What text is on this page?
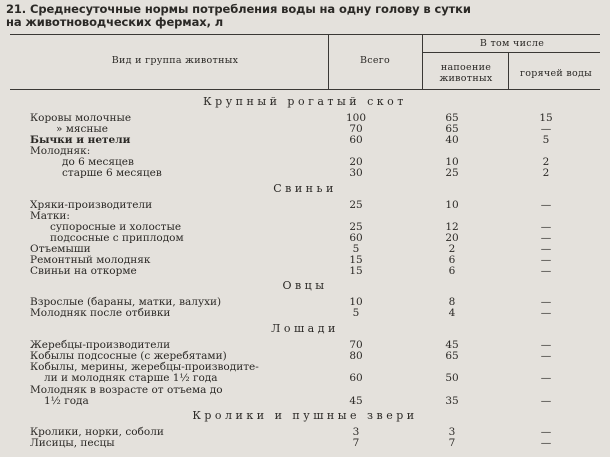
21. Среднесуточные нормы потребления воды на одну голову в сутки
на животноводческих фермах, л
Вид и группа животных	Всего
В том числе
напоение
животных	горячей воды
Крупный рогатый скот
Коровы молочные	100	65	15
» мясные	70	65	—
Бычки и нетели	60	40	5
Молодняк:
до 6 месяцев	20	10	2
старше 6 месяцев	30	25	2
Свиньи
Хряки-производители	25	10	—
Матки:
супоросные и холостые	25	12	—
подсосные с приплодом	60	20	—
Отъемыши	5	2	—
Ремонтный молодняк	15	6	—
Свиньи на откорме	15	6	—
Овцы
Взрослые (бараны, матки, валухи)	10	8	—
Молодняк после отбивки	5	4	—
Лошади
Жеребцы-производители	70	45	—
Кобылы подсосные (с жеребятами)	80	65	—
Кобылы, мерины, жеребцы-производите-
ли и молодняк старше 1½ года	60	50	—
Молодняк в возрасте от отъема до
1½ года	45	35	—
Кролики и пушные звери
Кролики, норки, соболи	3	3	—
Лисицы, песцы	7	7	—
